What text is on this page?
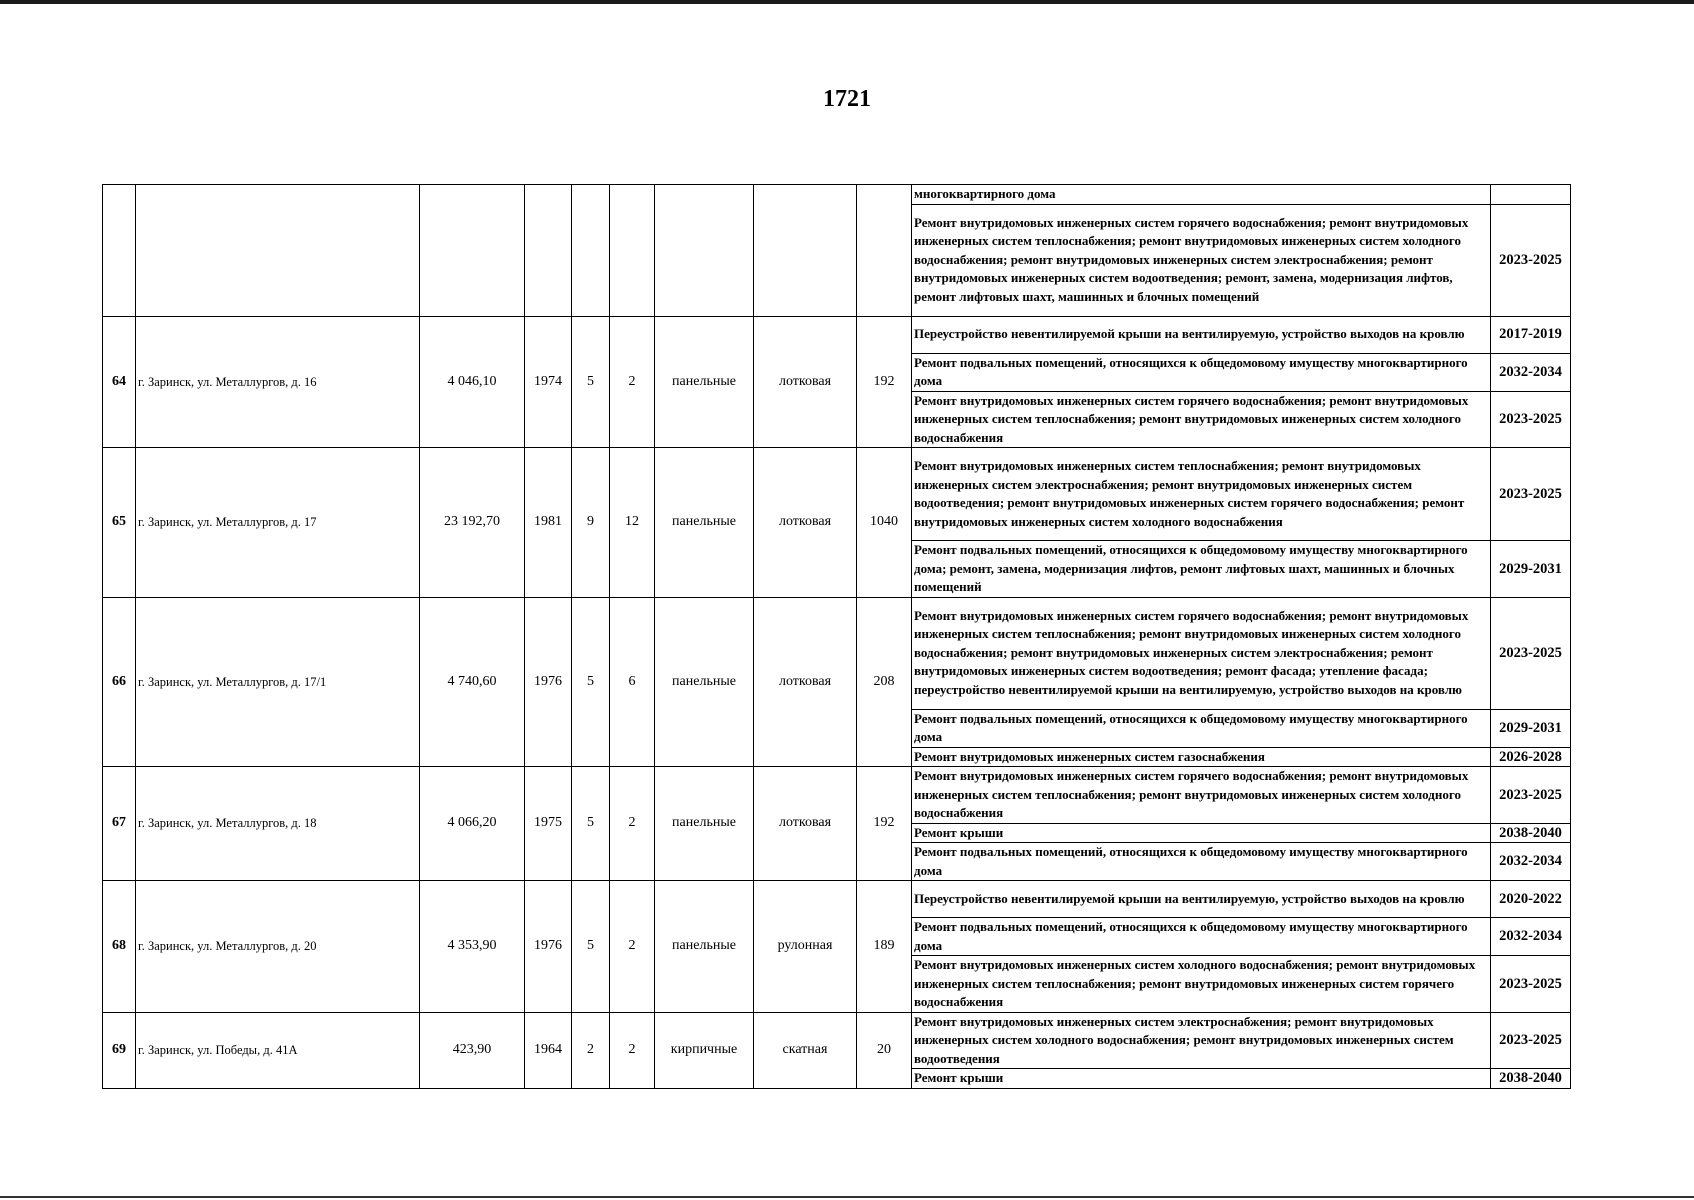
1721
									многоквартирного дома	
									Ремонт внутридомовых инженерных систем горячего водоснабжения; ремонт внутридомовых инженерных систем теплоснабжения; ремонт внутридомовых инженерных систем холодного водоснабжения; ремонт внутридомовых инженерных систем электроснабжения; ремонт внутридомовых инженерных систем водоотведения; ремонт, замена, модернизация лифтов, ремонт лифтовых шахт, машинных и блочных помещений	2023-2025
64	г. Заринск, ул. Металлургов, д. 16	4 046,10	1974	5	2	панельные	лотковая	192	Переустройство невентилируемой крыши на вентилируемую, устройство выходов на кровлю	2017-2019
									Ремонт подвальных помещений, относящихся к общедомовому имуществу многоквартирного дома	2032-2034
									Ремонт внутридомовых инженерных систем горячего водоснабжения; ремонт внутридомовых инженерных систем теплоснабжения; ремонт внутридомовых инженерных систем холодного водоснабжения	2023-2025
65	г. Заринск, ул. Металлургов, д. 17	23 192,70	1981	9	12	панельные	лотковая	1040	Ремонт внутридомовых инженерных систем теплоснабжения; ремонт внутридомовых инженерных систем электроснабжения; ремонт внутридомовых инженерных систем водоотведения; ремонт внутридомовых инженерных систем горячего водоснабжения; ремонт внутридомовых инженерных систем холодного водоснабжения	2023-2025
									Ремонт подвальных помещений, относящихся к общедомовому имуществу многоквартирного дома; ремонт, замена, модернизация лифтов, ремонт лифтовых шахт, машинных и блочных помещений	2029-2031
66	г. Заринск, ул. Металлургов, д. 17/1	4 740,60	1976	5	6	панельные	лотковая	208	Ремонт внутридомовых инженерных систем горячего водоснабжения; ремонт внутридомовых инженерных систем теплоснабжения; ремонт внутридомовых инженерных систем холодного водоснабжения; ремонт внутридомовых инженерных систем электроснабжения; ремонт внутридомовых инженерных систем водоотведения; ремонт фасада; утепление фасада; переустройство невентилируемой крыши на вентилируемую, устройство выходов на кровлю	2023-2025
									Ремонт подвальных помещений, относящихся к общедомовому имуществу многоквартирного дома	2029-2031
									Ремонт внутридомовых инженерных систем газоснабжения	2026-2028
67	г. Заринск, ул. Металлургов, д. 18	4 066,20	1975	5	2	панельные	лотковая	192	Ремонт внутридомовых инженерных систем горячего водоснабжения; ремонт внутридомовых инженерных систем теплоснабжения; ремонт внутридомовых инженерных систем холодного водоснабжения	2023-2025
									Ремонт крыши	2038-2040
									Ремонт подвальных помещений, относящихся к общедомовому имуществу многоквартирного дома	2032-2034
68	г. Заринск, ул. Металлургов, д. 20	4 353,90	1976	5	2	панельные	рулонная	189	Переустройство невентилируемой крыши на вентилируемую, устройство выходов на кровлю	2020-2022
									Ремонт подвальных помещений, относящихся к общедомовому имуществу многоквартирного дома	2032-2034
									Ремонт внутридомовых инженерных систем холодного водоснабжения; ремонт внутридомовых инженерных систем теплоснабжения; ремонт внутридомовых инженерных систем горячего водоснабжения	2023-2025
69	г. Заринск, ул. Победы, д. 41А	423,90	1964	2	2	кирпичные	скатная	20	Ремонт внутридомовых инженерных систем электроснабжения; ремонт внутридомовых инженерных систем холодного водоснабжения; ремонт внутридомовых инженерных систем водоотведения	2023-2025
									Ремонт крыши	2038-2040
